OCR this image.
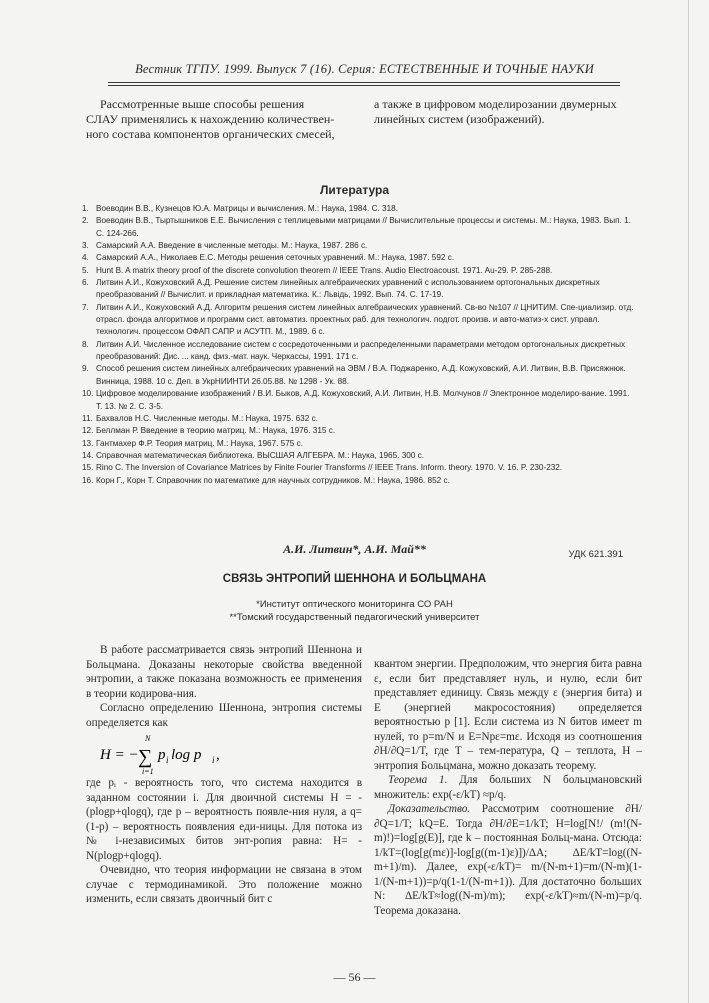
Вестник ТГПУ. 1999. Выпуск 7 (16). Серия: ЕСТЕСТВЕННЫЕ И ТОЧНЫЕ НАУКИ
Рассмотренные выше способы решения
СЛАУ применялись к нахождению количествен-
ного состава компонентов органических смесей,
а также в цифровом моделирозании двумерных
линейных систем (изображений).
Литература
1. Воеводин В.В., Кузнецов Ю.А. Матрицы и вычисления. М.: Наука, 1984. С. 318.
2. Воеводин В.В., Тыртышников Е.Е. Вычисления с теплицевыми матрицами // Вычислительные процессы и системы. М.: Наука, 1983. Вып. 1. С. 124-266.
3. Самарский А.А. Введение в численные методы. М.: Наука, 1987. 286 с.
4. Самарский А.А., Николаев Е.С. Методы решения сеточных уравнений. М.: Наука, 1987. 592 с.
5. Hunt B. A matrix theory proof of the discrete convolution theorem // IEEE Trans. Audio Electroacoust. 1971. Au-29. P. 285-288.
6. Литвин А.И., Кожуховский А.Д. Решение систем линейных алгебраических уравнений с использованием ортогональных дискретных преобразований // Вычислит. и прикладная математика. К.: Львідь, 1992. Вып. 74. С. 17-19.
7. Литвин А.И., Кожуховский А.Д. Алгоритм решения систем линейных алгебраических уравнений. Св-во №107 // ЦНИТИМ. Спе-циализир. отд. отрасл. фонда алгоритмов и программ сист. автоматиз. проектных раб. для технологич. подгот. произв. и авто-матиз-х сист. управл. технологич. процессом ОФАП САПР и АСУТП. М., 1989. 6 с.
8. Литвин А.И. Численное исследование систем с сосредоточенными и распределенными параметрами методом ортогональных дискретных преобразований: Дис. ... канд. физ.-мат. наук. Черкассы, 1991. 171 с.
9. Способ решения систем линейных алгебраических уравнений на ЭВМ / В.А. Поджаренко, А.Д. Кожуховский, А.И. Литвин, В.В. Присяжнюк. Винница, 1988. 10 с. Деп. в УкрНИИНТИ 26.05.88. № 1298 - Ук. 88.
10. Цифровое моделирование изображений / В.И. Быков, А.Д. Кожуховский, А.И. Литвин, Н.В. Молчунов // Электронное моделиро-вание. 1991. Т. 13. № 2. С. 3-5.
11. Бахвалов Н.С. Численные методы. М.: Наука, 1975. 632 с.
12. Беллман Р. Введение в теорию матриц. М.: Наука, 1976. 315 с.
13. Гантмахер Ф.Р. Теория матриц. М.: Наука, 1967. 575 с.
14. Справочная математическая библиотека. ВЫСШАЯ АЛГЕБРА. М.: Наука, 1965. 300 с.
15. Rino C. The Inversion of Covariance Matrices by Finite Fourier Transforms // IEEE Trans. Inform. theory. 1970. V. 16. P. 230-232.
16. Корн Г., Корн Т. Справочник по математике для научных сотрудников. М.: Наука, 1986. 852 с.
УДК 621.391
А.И. Литвин*, А.И. Май**
СВЯЗЬ ЭНТРОПИЙ ШЕННОНА И БОЛЬЦМАНА
*Институт оптического мониторинга СО РАН
**Томский государственный педагогический университет

В работе рассматривается связь энтропий Шеннона и Больцмана. Доказаны некоторые свойства введенной энтропии, а также показана возможность ее применения в теории кодирова-ния.

Согласно определению Шеннона, энтропия системы определяется как

H = −
N
∑
i=1
p i log p i ,

где pᵢ - вероятность того, что система находится в заданном состоянии i. Для двоичной системы H = -(plogp+qlogq), где p – вероятность появле-ния нуля, a q=(1-p) – вероятность появления еди-ницы. Для потока из № i-независимых битов энт-ропия равна: H= -N(plogp+qlogq).

Очевидно, что теория информации не связана в этом случае с термодинамикой. Это положение можно изменить, если связать двоичный бит с

квантом энергии. Предположим, что энергия бита равна ε, если бит представляет нуль, и нулю, если бит представляет единицу. Связь между ε (энергия бита) и E (энергией макросостояния) определяется вероятностью p [1]. Если система из N битов имеет m нулей, то p=m/N и E=Npε=mε. Исходя из соотношения ∂H/∂Q=1/T, где T – тем-пература, Q – теплота, H – энтропия Больцмана, можно доказать теорему.

Теорема 1. Для больших N больцмановский множитель: exp(-ε/kT) ≈p/q.

Доказательство. Рассмотрим соотношение ∂H/∂Q=1/T; kQ=E. Тогда ∂H/∂E=1/kT; H=log[N!/ (m!(N-m)!)=log[g(E)], где k – постоянная Больц-мана. Отсюда: 1/kT=(log[g(mε)]-log[g((m-1)ε)])/ΔA; ΔE/kT=log((N-m+1)/m). Далее, exp(-ε/kT)= m/(N-m+1)=m/(N-m)(1-1/(N-m+1))=p/q(1-1/(N-m+1)). Для достаточно больших N: ΔE/kT≈log((N-m)/m); exp(-ε/kT)≈m/(N-m)=p/q. Теорема доказана.

— 56 —
